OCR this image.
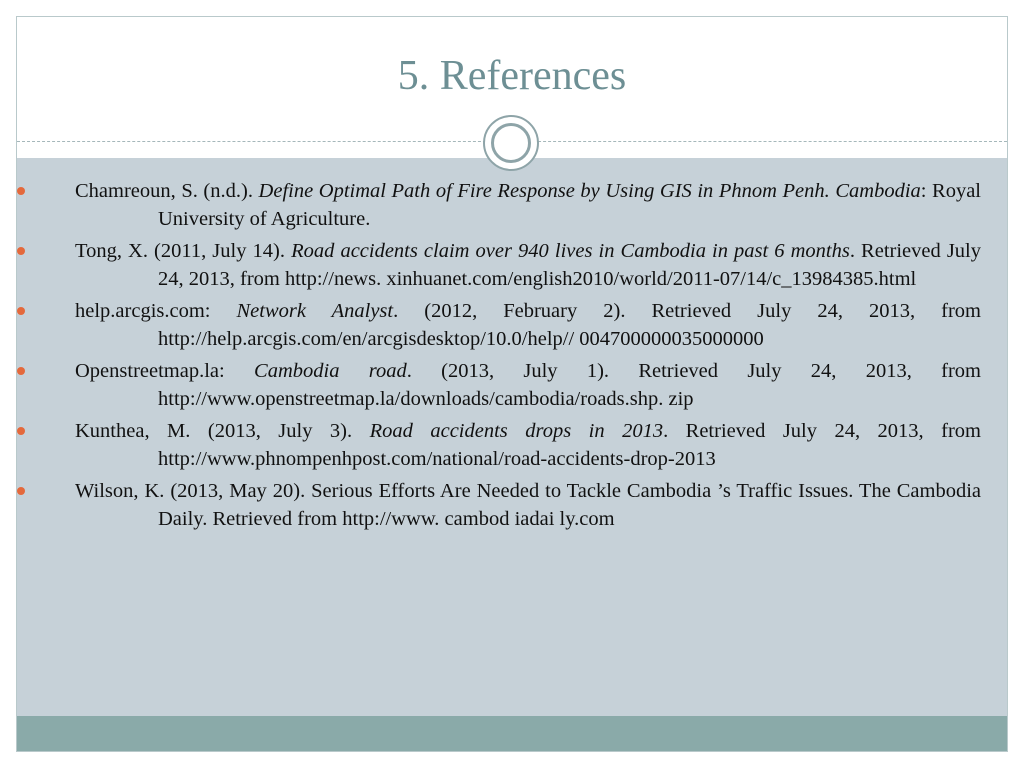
5. References
Chamreoun, S. (n.d.). Define Optimal Path of Fire Response by Using GIS in Phnom Penh. Cambodia: Royal University of Agriculture.
Tong, X. (2011, July 14). Road accidents claim over 940 lives in Cambodia in past 6 months. Retrieved July 24, 2013, from http://news. xinhuanet.com/english2010/world/2011-07/14/c_13984385.html
help.arcgis.com: Network Analyst. (2012, February 2). Retrieved July 24, 2013, from http://help.arcgis.com/en/arcgisdesktop/10.0/help// 004700000035000000
Openstreetmap.la: Cambodia road. (2013, July 1). Retrieved July 24, 2013, from http://www.openstreetmap.la/downloads/cambodia/roads.shp. zip
Kunthea, M. (2013, July 3). Road accidents drops in 2013. Retrieved July 24, 2013, from http://www.phnompenhpost.com/national/road-accidents-drop-2013
Wilson, K. (2013, May 20). Serious Efforts Are Needed to Tackle Cambodia ’s Traffic Issues. The Cambodia Daily. Retrieved from http://www. cambod iadai ly.com
